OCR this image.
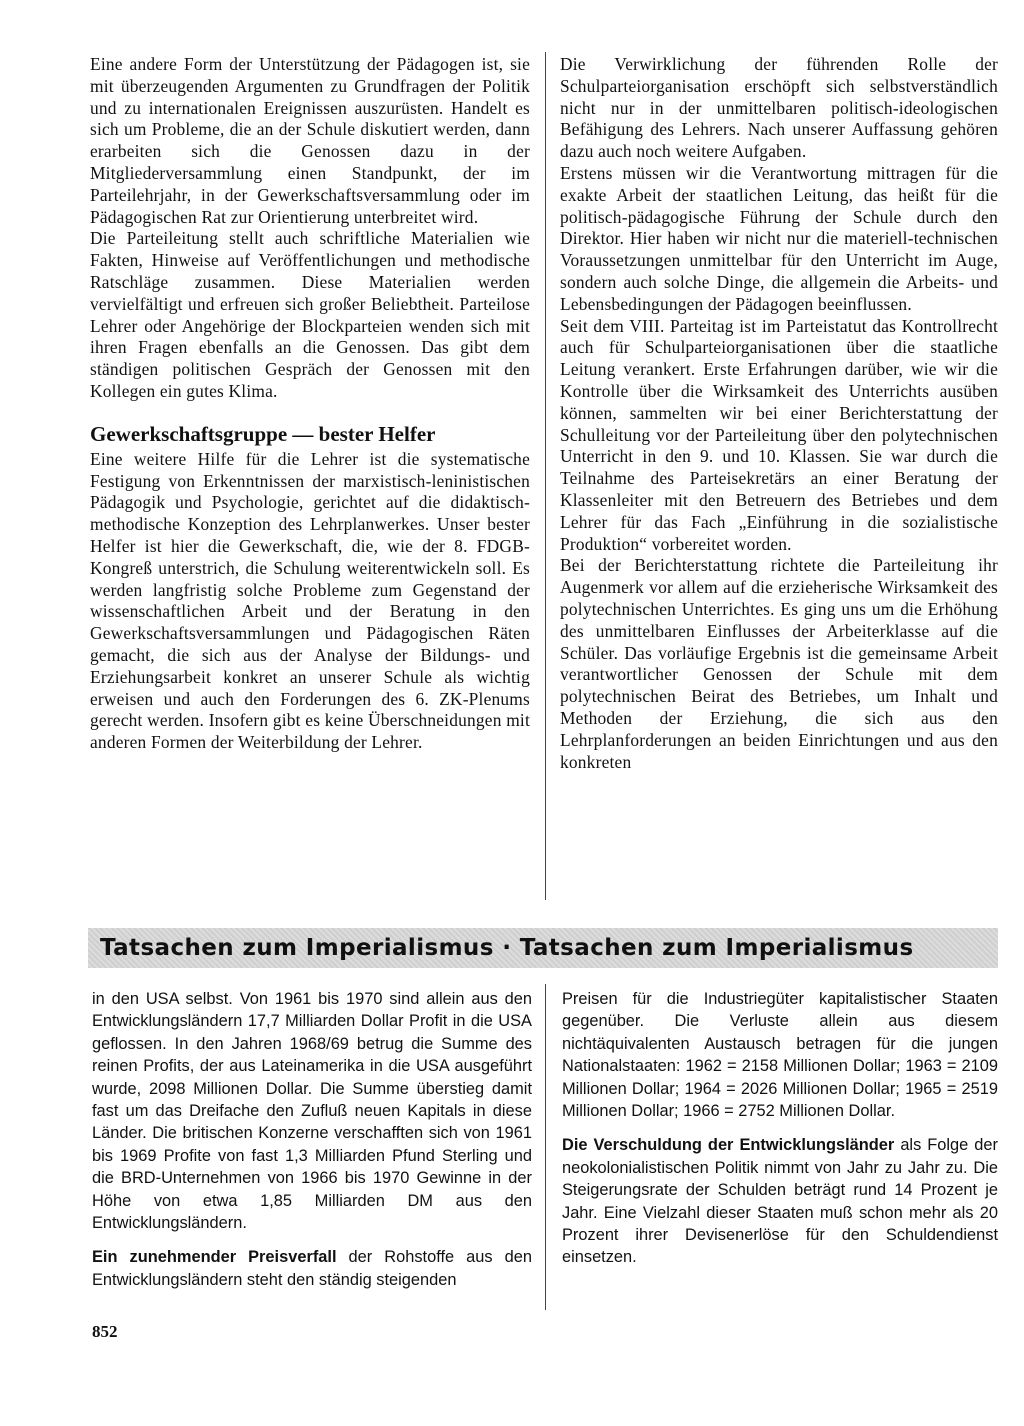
Eine andere Form der Unterstützung der Pädagogen ist, sie mit überzeugenden Argumenten zu Grundfragen der Politik und zu internationalen Ereignissen auszurüsten. Handelt es sich um Probleme, die an der Schule diskutiert werden, dann erarbeiten sich die Genossen dazu in der Mitgliederversammlung einen Standpunkt, der im Parteilehrjahr, in der Gewerkschaftsversammlung oder im Pädagogischen Rat zur Orientierung unterbreitet wird.

Die Parteileitung stellt auch schriftliche Materialien wie Fakten, Hinweise auf Veröffentlichungen und methodische Ratschläge zusammen. Diese Materialien werden vervielfältigt und erfreuen sich großer Beliebtheit. Parteilose Lehrer oder Angehörige der Blockparteien wenden sich mit ihren Fragen ebenfalls an die Genossen. Das gibt dem ständigen politischen Gespräch der Genossen mit den Kollegen ein gutes Klima.

Gewerkschaftsgruppe — bester Helfer

Eine weitere Hilfe für die Lehrer ist die systematische Festigung von Erkenntnissen der marxistisch-leninistischen Pädagogik und Psychologie, gerichtet auf die didaktisch-methodische Konzeption des Lehrplanwerkes. Unser bester Helfer ist hier die Gewerkschaft, die, wie der 8. FDGB-Kongreß unterstrich, die Schulung weiterentwickeln soll. Es werden langfristig solche Probleme zum Gegenstand der wissenschaftlichen Arbeit und der Beratung in den Gewerkschaftsversammlungen und Pädagogischen Räten gemacht, die sich aus der Analyse der Bildungs- und Erziehungsarbeit konkret an unserer Schule als wichtig erweisen und auch den Forderungen des 6. ZK-Plenums gerecht werden. Insofern gibt es keine Überschneidungen mit anderen Formen der Weiterbildung der Lehrer.

Die Verwirklichung der führenden Rolle der Schulparteiorganisation erschöpft sich selbstverständlich nicht nur in der unmittelbaren politisch-ideologischen Befähigung des Lehrers. Nach unserer Auffassung gehören dazu auch noch weitere Aufgaben.

Erstens müssen wir die Verantwortung mittragen für die exakte Arbeit der staatlichen Leitung, das heißt für die politisch-pädagogische Führung der Schule durch den Direktor. Hier haben wir nicht nur die materiell-technischen Voraussetzungen unmittelbar für den Unterricht im Auge, sondern auch solche Dinge, die allgemein die Arbeits- und Lebensbedingungen der Pädagogen beeinflussen.

Seit dem VIII. Parteitag ist im Parteistatut das Kontrollrecht auch für Schulparteiorganisationen über die staatliche Leitung verankert. Erste Erfahrungen darüber, wie wir die Kontrolle über die Wirksamkeit des Unterrichts ausüben können, sammelten wir bei einer Berichterstattung der Schulleitung vor der Parteileitung über den polytechnischen Unterricht in den 9. und 10. Klassen. Sie war durch die Teilnahme des Parteisekretärs an einer Beratung der Klassenleiter mit den Betreuern des Betriebes und dem Lehrer für das Fach „Einführung in die sozialistische Produktion“ vorbereitet worden.

Bei der Berichterstattung richtete die Parteileitung ihr Augenmerk vor allem auf die erzieherische Wirksamkeit des polytechnischen Unterrichtes. Es ging uns um die Erhöhung des unmittelbaren Einflusses der Arbeiterklasse auf die Schüler. Das vorläufige Ergebnis ist die gemeinsame Arbeit verantwortlicher Genossen der Schule mit dem polytechnischen Beirat des Betriebes, um Inhalt und Methoden der Erziehung, die sich aus den Lehrplanforderungen an beiden Einrichtungen und aus den konkreten

Tatsachen zum Imperialismus · Tatsachen zum Imperialismus

in den USA selbst. Von 1961 bis 1970 sind allein aus den Entwicklungsländern 17,7 Milliarden Dollar Profit in die USA geflossen. In den Jahren 1968/69 betrug die Summe des reinen Profits, der aus Lateinamerika in die USA ausgeführt wurde, 2098 Millionen Dollar. Die Summe überstieg damit fast um das Dreifache den Zufluß neuen Kapitals in diese Länder. Die britischen Konzerne verschafften sich von 1961 bis 1969 Profite von fast 1,3 Milliarden Pfund Sterling und die BRD-Unternehmen von 1966 bis 1970 Gewinne in der Höhe von etwa 1,85 Milliarden DM aus den Entwicklungsländern.

Ein zunehmender Preisverfall der Rohstoffe aus den Entwicklungsländern steht den ständig steigenden

Preisen für die Industriegüter kapitalistischer Staaten gegenüber. Die Verluste allein aus diesem nichtäquivalenten Austausch betragen für die jungen Nationalstaaten: 1962 = 2158 Millionen Dollar; 1963 = 2109 Millionen Dollar; 1964 = 2026 Millionen Dollar; 1965 = 2519 Millionen Dollar; 1966 = 2752 Millionen Dollar.

Die Verschuldung der Entwicklungsländer als Folge der neokolonialistischen Politik nimmt von Jahr zu Jahr zu. Die Steigerungsrate der Schulden beträgt rund 14 Prozent je Jahr. Eine Vielzahl dieser Staaten muß schon mehr als 20 Prozent ihrer Devisenerlöse für den Schuldendienst einsetzen.

852
